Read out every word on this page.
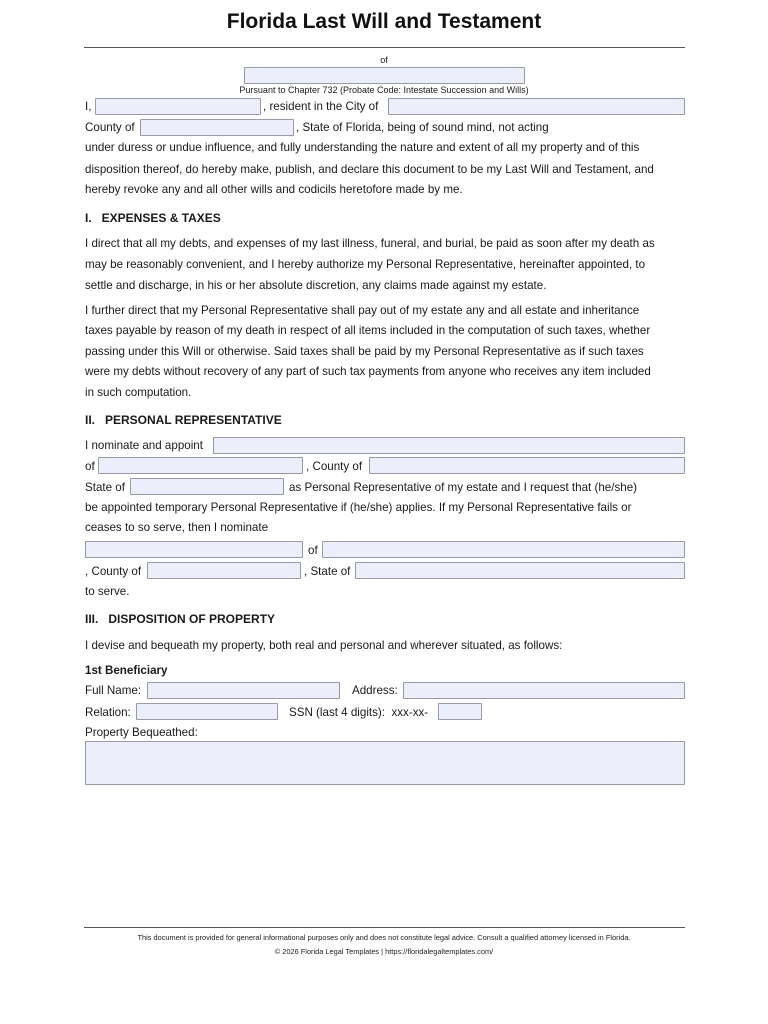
Florida Last Will and Testament
of
Pursuant to Chapter 732 (Probate Code: Intestate Succession and Wills)
I,	, resident in the City of
County of	, State of Florida, being of sound mind, not acting
under duress or undue influence, and fully understanding the nature and extent of all my property and of this
disposition thereof, do hereby make, publish, and declare this document to be my Last Will and Testament, and
hereby revoke any and all other wills and codicils heretofore made by me.
I.   EXPENSES & TAXES
I direct that all my debts, and expenses of my last illness, funeral, and burial, be paid as soon after my death as
may be reasonably convenient, and I hereby authorize my Personal Representative, hereinafter appointed, to
settle and discharge, in his or her absolute discretion, any claims made against my estate.
I further direct that my Personal Representative shall pay out of my estate any and all estate and inheritance
taxes payable by reason of my death in respect of all items included in the computation of such taxes, whether
passing under this Will or otherwise. Said taxes shall be paid by my Personal Representative as if such taxes
were my debts without recovery of any part of such tax payments from anyone who receives any item included
in such computation.
II.   PERSONAL REPRESENTATIVE
I nominate and appoint
of	, County of
State of	as Personal Representative of my estate and I request that (he/she)
be appointed temporary Personal Representative if (he/she) applies. If my Personal Representative fails or
ceases to so serve, then I nominate
of
, County of	, State of
to serve.
III.   DISPOSITION OF PROPERTY
I devise and bequeath my property, both real and personal and wherever situated, as follows:
1st Beneficiary
Full Name:	Address:
Relation:	SSN (last 4 digits):  xxx-xx-
Property Bequeathed:
This document is provided for general informational purposes only and does not constitute legal advice. Consult a qualified attorney licensed in Florida.
© 2026 Florida Legal Templates | https://floridalegaltemplates.com/
